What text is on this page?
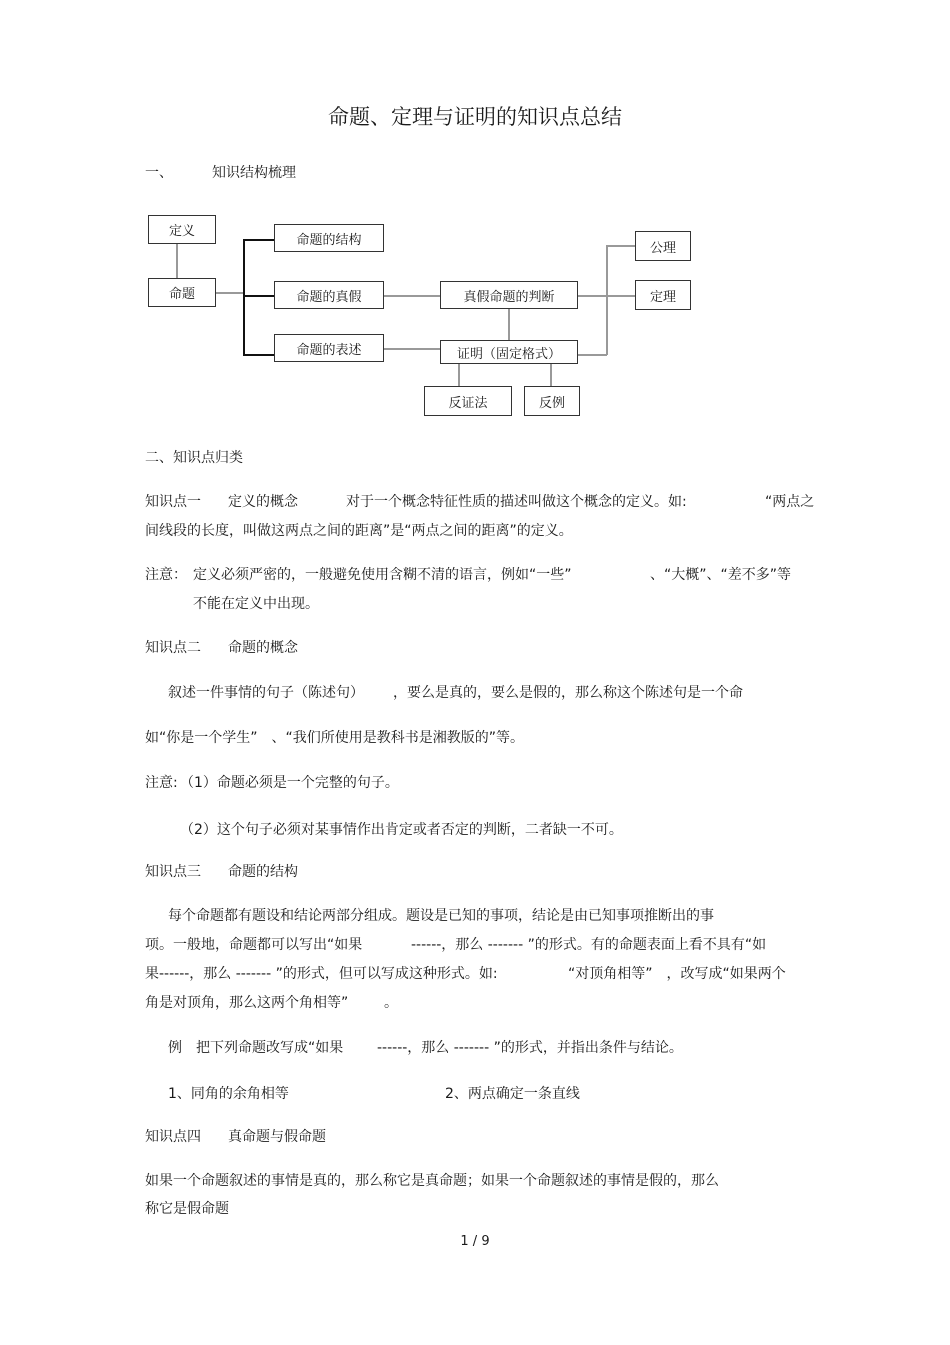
命题、定理与证明的知识点总结
一、	知识结构梳理
定义
命题
命题的结构
命题的真假
命题的表述
真假命题的判断
证明（固定格式）
公理
定理
反证法	反例
二、知识点归类
知识点一 定义的概念	对于一个概念特征性质的描述叫做这个概念的定义。如:	“两点之
间线段的长度，叫做这两点之间的距离”是“两点之间的距离”的定义。
注意： 定义必须严密的，一般避免使用含糊不清的语言，例如“一些”	、“大概”、“差不多”等
不能在定义中出现。
知识点二 命题的概念
叙述一件事情的句子（陈述句） ，要么是真的，要么是假的，那么称这个陈述句是一个命
如“你是一个学生”　、“我们所使用是教科书是湘教版的”等。
注意: （1）命题必须是一个完整的句子。
（2）这个句子必须对某事情作出肯定或者否定的判断，二者缺一不可。
知识点三 命题的结构
每个命题都有题设和结论两部分组成。题设是已知的事项，结论是由已知事项推断出的事
项。一般地，命题都可以写出“如果	------，那么 ------- ”的形式。有的命题表面上看不具有“如
果------，那么 ------- ”的形式，但可以写成这种形式。如:	“对顶角相等”　，改写成“如果两个
角是对顶角，那么这两个角相等”	。
例　把下列命题改写成“如果 ------，那么 ------- ”的形式，并指出条件与结论。
1、同角的余角相等	2、两点确定一条直线
知识点四 真命题与假命题
如果一个命题叙述的事情是真的，那么称它是真命题；如果一个命题叙述的事情是假的，那么
称它是假命题
1 / 9
